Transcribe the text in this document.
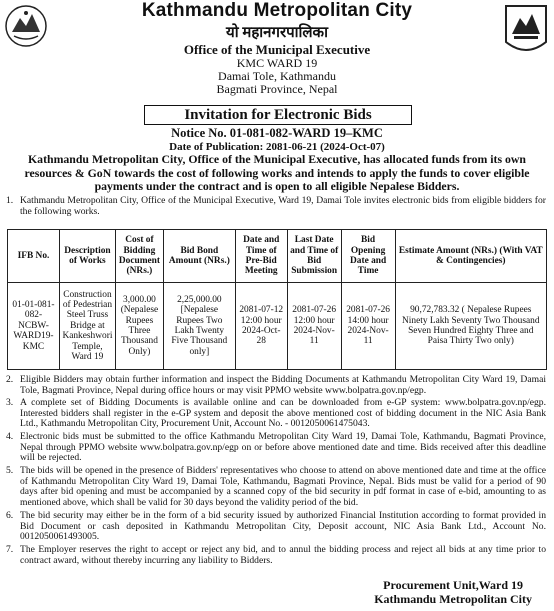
Kathmandu Metropolitan City
यो महानगरपालिका
Office of the Municipal Executive
KMC WARD 19
Damai Tole, Kathmandu
Bagmati Province, Nepal
Invitation for Electronic Bids
Notice No. 01-081-082-WARD 19–KMC
Date of Publication: 2081-06-21 (2024-Oct-07)
Kathmandu Metropolitan City, Office of the Municipal Executive, has allocated funds from its own resources & GoN towards the cost of following works and intends to apply the funds to cover eligible payments under the contract and is open to all eligible Nepalese Bidders.
1. Kathmandu Metropolitan City, Office of the Municipal Executive, Ward 19, Damai Tole invites electronic bids from eligible bidders for the following works.
IFB No.	Description of Works	Cost of Bidding Document (NRs.)	Bid Bond Amount (NRs.)	Date and Time of Pre-Bid Meeting	Last Date and Time of Bid Submission	Bid Opening Date and Time	Estimate Amount (NRs.) (With VAT & Contingencies)
01-01-081-082-NCBW-WARD19-KMC	Construction of Pedestrian Steel Truss Bridge at Kankeshwori Temple, Ward 19	3,000.00 (Nepalese Rupees Three Thousand Only)	2,25,000.00 [Nepalese Rupees Two Lakh Twenty Five Thousand only]	2081-07-12 12:00 hour 2024-Oct-28	2081-07-26 12:00 hour 2024-Nov-11	2081-07-26 14:00 hour 2024-Nov-11	90,72,783.32 ( Nepalese Rupees Ninety Lakh Seventy Two Thousand Seven Hundred Eighty Three and Paisa Thirty Two only)
2. Eligible Bidders may obtain further information and inspect the Bidding Documents at Kathmandu Metropolitan City Ward 19, Damai Tole, Bagmati Province, Nepal during office hours or may visit PPMO website www.bolpatra.gov.np/egp.
3. A complete set of Bidding Documents is available online and can be downloaded from e-GP system: www.bolpatra.gov.np/egp. Interested bidders shall register in the e-GP system and deposit the above mentioned cost of bidding document in the NIC Asia Bank Ltd., Kathmandu Metropolitan City, Procurement Unit, Account No. - 0012050061475043.
4. Electronic bids must be submitted to the office Kathmandu Metropolitan City Ward 19, Damai Tole, Kathmandu, Bagmati Province, Nepal through PPMO website www.bolpatra.gov.np/egp on or before above mentioned date and time. Bids received after this deadline will be rejected.
5. The bids will be opened in the presence of Bidders' representatives who choose to attend on above mentioned date and time at the office of Kathmandu Metropolitan City Ward 19, Damai Tole, Kathmandu, Bagmati Province, Nepal. Bids must be valid for a period of 90 days after bid opening and must be accompanied by a scanned copy of the bid security in pdf format in case of e-bid, amounting to as mentioned above, which shall be valid for 30 days beyond the validity period of the bid.
6. The bid security may either be in the form of a bid security issued by authorized Financial Institution according to format provided in Bid Document or cash deposited in Kathmandu Metropolitan City, Deposit account, NIC Asia Bank Ltd., Account No. 0012050061493005.
7. The Employer reserves the right to accept or reject any bid, and to annul the bidding process and reject all bids at any time prior to contract award, without thereby incurring any liability to Bidders.
Procurement Unit,Ward 19
Kathmandu Metropolitan City
